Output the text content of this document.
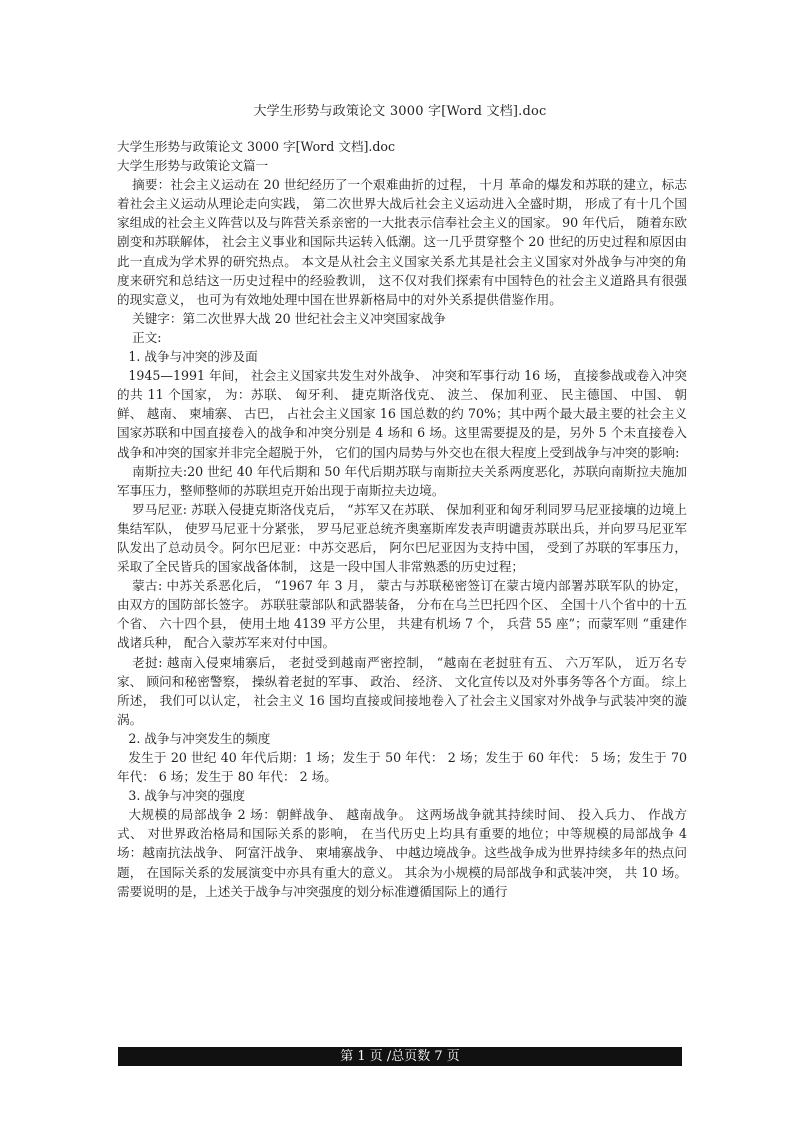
大学生形势与政策论文 3000 字[Word 文档].doc

大学生形势与政策论文 3000 字[Word 文档].doc

大学生形势与政策论文篇一

摘要：社会主义运动在 20 世纪经历了一个艰难曲折的过程， 十月 革命的爆发和苏联的建立，标志着社会主义运动从理论走向实践， 第二次世界大战后社会主义运动进入全盛时期， 形成了有十几个国家组成的社会主义阵营以及与阵营关系亲密的一大批表示信奉社会主义的国家。 90 年代后， 随着东欧剧变和苏联解体， 社会主义事业和国际共运转入低潮。这一几乎贯穿整个 20 世纪的历史过程和原因由此一直成为学术界的研究热点。 本文是从社会主义国家关系尤其是社会主义国家对外战争与冲突的角度来研究和总结这一历史过程中的经验教训， 这不仅对我们探索有中国特色的社会主义道路具有很强的现实意义， 也可为有效地处理中国在世界新格局中的对外关系提供借鉴作用。

关键字：第二次世界大战 20 世纪社会主义冲突国家战争

正文:

1. 战争与冲突的涉及面

1945—1991 年间， 社会主义国家共发生对外战争、 冲突和军事行动 16 场， 直接参战或卷入冲突的共 11 个国家， 为：苏联、 匈牙利、 捷克斯洛伐克、 波兰、 保加利亚、 民主德国、 中国、 朝鲜、 越南、 柬埔寨、 古巴， 占社会主义国家 16 国总数的约 70%；其中两个最大最主要的社会主义国家苏联和中国直接卷入的战争和冲突分别是 4 场和 6 场。这里需要提及的是，另外 5 个未直接卷入战争和冲突的国家并非完全超脱于外， 它们的国内局势与外交也在很大程度上受到战争与冲突的影响:

南斯拉夫:20 世纪 40 年代后期和 50 年代后期苏联与南斯拉夫关系两度恶化，苏联向南斯拉夫施加军事压力，整师整师的苏联坦克开始出现于南斯拉夫边境。

罗马尼亚: 苏联入侵捷克斯洛伐克后， “苏军又在苏联、 保加利亚和匈牙利同罗马尼亚接壤的边境上集结军队， 使罗马尼亚十分紧张， 罗马尼亚总统齐奥塞斯库发表声明谴责苏联出兵，并向罗马尼亚军队发出了总动员令。阿尔巴尼亚：中苏交恶后， 阿尔巴尼亚因为支持中国， 受到了苏联的军事压力， 采取了全民皆兵的国家战备体制， 这是一段中国人非常熟悉的历史过程；

蒙古: 中苏关系恶化后， “1967 年 3 月， 蒙古与苏联秘密签订在蒙古境内部署苏联军队的协定， 由双方的国防部长签字。 苏联驻蒙部队和武器装备， 分布在乌兰巴托四个区、 全国十八个省中的十五个省、 六十四个县， 使用土地 4139 平方公里， 共建有机场 7 个， 兵营 55 座”；而蒙军则 “重建作战诸兵种， 配合入蒙苏军来对付中国。

老挝: 越南入侵柬埔寨后， 老挝受到越南严密控制， “越南在老挝驻有五、 六万军队， 近万名专家、 顾问和秘密警察， 操纵着老挝的军事、 政治、 经济、 文化宣传以及对外事务等各个方面。 综上所述， 我们可以认定， 社会主义 16 国均直接或间接地卷入了社会主义国家对外战争与武装冲突的漩涡。

2. 战争与冲突发生的频度

发生于 20 世纪 40 年代后期：1 场；发生于 50 年代： 2 场；发生于 60 年代： 5 场；发生于 70 年代： 6 场；发生于 80 年代： 2 场。

3. 战争与冲突的强度

大规模的局部战争 2 场：朝鲜战争、 越南战争。 这两场战争就其持续时间、 投入兵力、 作战方式、 对世界政治格局和国际关系的影响， 在当代历史上均具有重要的地位；中等规模的局部战争 4 场：越南抗法战争、 阿富汗战争、 柬埔寨战争、 中越边境战争。这些战争成为世界持续多年的热点问题， 在国际关系的发展演变中亦具有重大的意义。 其余为小规模的局部战争和武装冲突， 共 10 场。 需要说明的是，上述关于战争与冲突强度的划分标准遵循国际上的通行

第 1 页 /总页数 7 页
